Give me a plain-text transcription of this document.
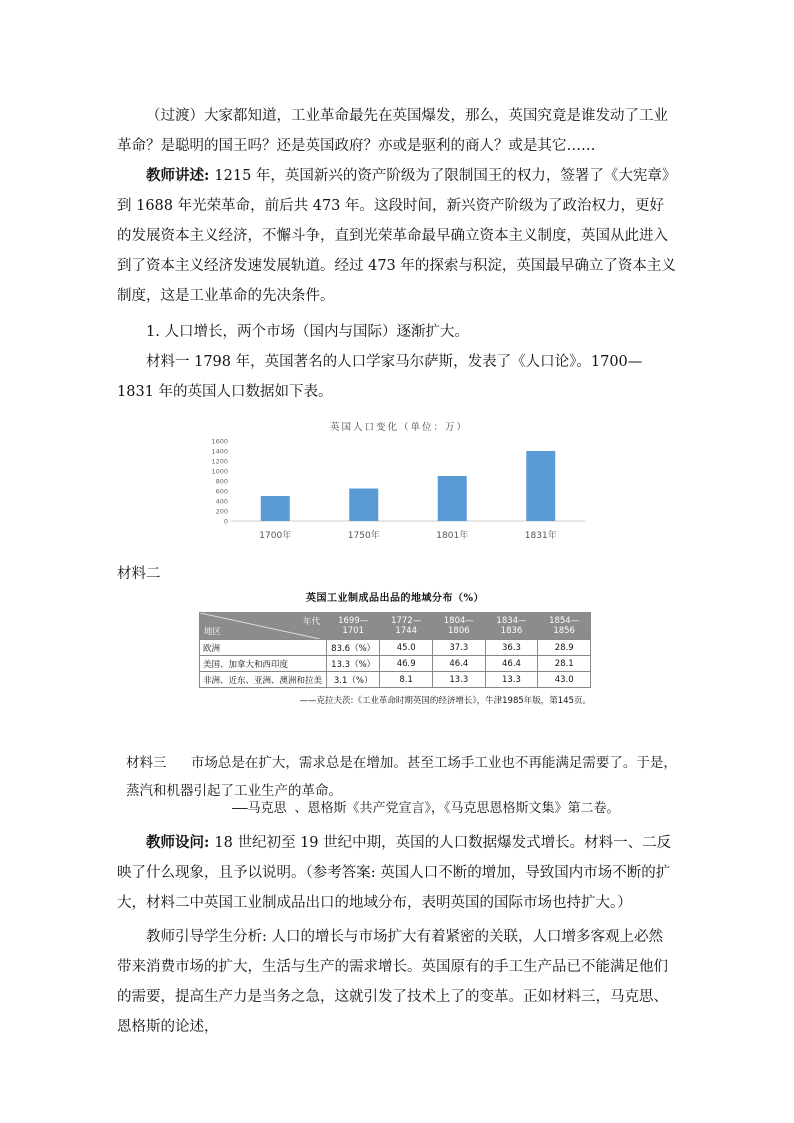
（过渡）大家都知道，工业革命最先在英国爆发，那么，英国究竟是谁发动了工业革命？是聪明的国王吗？还是英国政府？亦或是驱利的商人？或是其它……

教师讲述: 1215 年，英国新兴的资产阶级为了限制国王的权力，签署了《大宪章》到 1688 年光荣革命，前后共 473 年。这段时间，新兴资产阶级为了政治权力，更好的发展资本主义经济，不懈斗争，直到光荣革命最早确立资本主义制度，英国从此进入到了资本主义经济发速发展轨道。经过 473 年的探索与积淀，英国最早确立了资本主义制度，这是工业革命的先决条件。

1. 人口增长，两个市场（国内与国际）逐渐扩大。

材料一 1798 年，英国著名的人口学家马尔萨斯，发表了《人口论》。1700—1831 年的英国人口数据如下表。

英国人口变化（单位：万）
0
200
400
600
800
1000
1200
1400
1600
1700年	1750年	1801年	1831年
材料二
英国工业制成品出品的地域分布（%）
年代
地区	1699—1701	1772—1744	1804—1806	1834—1836	1854—1856
欧洲	83.6（%）	45.0	37.3	36.3	28.9
美国、加拿大和西印度	13.3（%）	46.9	46.4	46.4	28.1
非洲、近东、亚洲、澳洲和拉美	3.1（%）	8.1	13.3	13.3	43.0
——克拉夫茨:《工业革命时期英国的经济增长》，牛津1985年版，第145页。

材料三 市场总是在扩大，需求总是在增加。甚至工场手工业也不再能满足需要了。于是，蒸汽和机器引起了工业生产的革命。

——马克思 、恩格斯《共产党宣言》，《马克思恩格斯文集》第二卷。

教师设问: 18 世纪初至 19 世纪中期，英国的人口数据爆发式增长。材料一、二反映了什么现象，且予以说明。（参考答案: 英国人口不断的增加，导致国内市场不断的扩大，材料二中英国工业制成品出口的地域分布，表明英国的国际市场也持扩大。）

教师引导学生分析: 人口的增长与市场扩大有着紧密的关联，人口增多客观上必然带来消费市场的扩大，生活与生产的需求增长。英国原有的手工生产品已不能满足他们的需要，提高生产力是当务之急，这就引发了技术上了的变革。正如材料三，马克思、恩格斯的论述，
